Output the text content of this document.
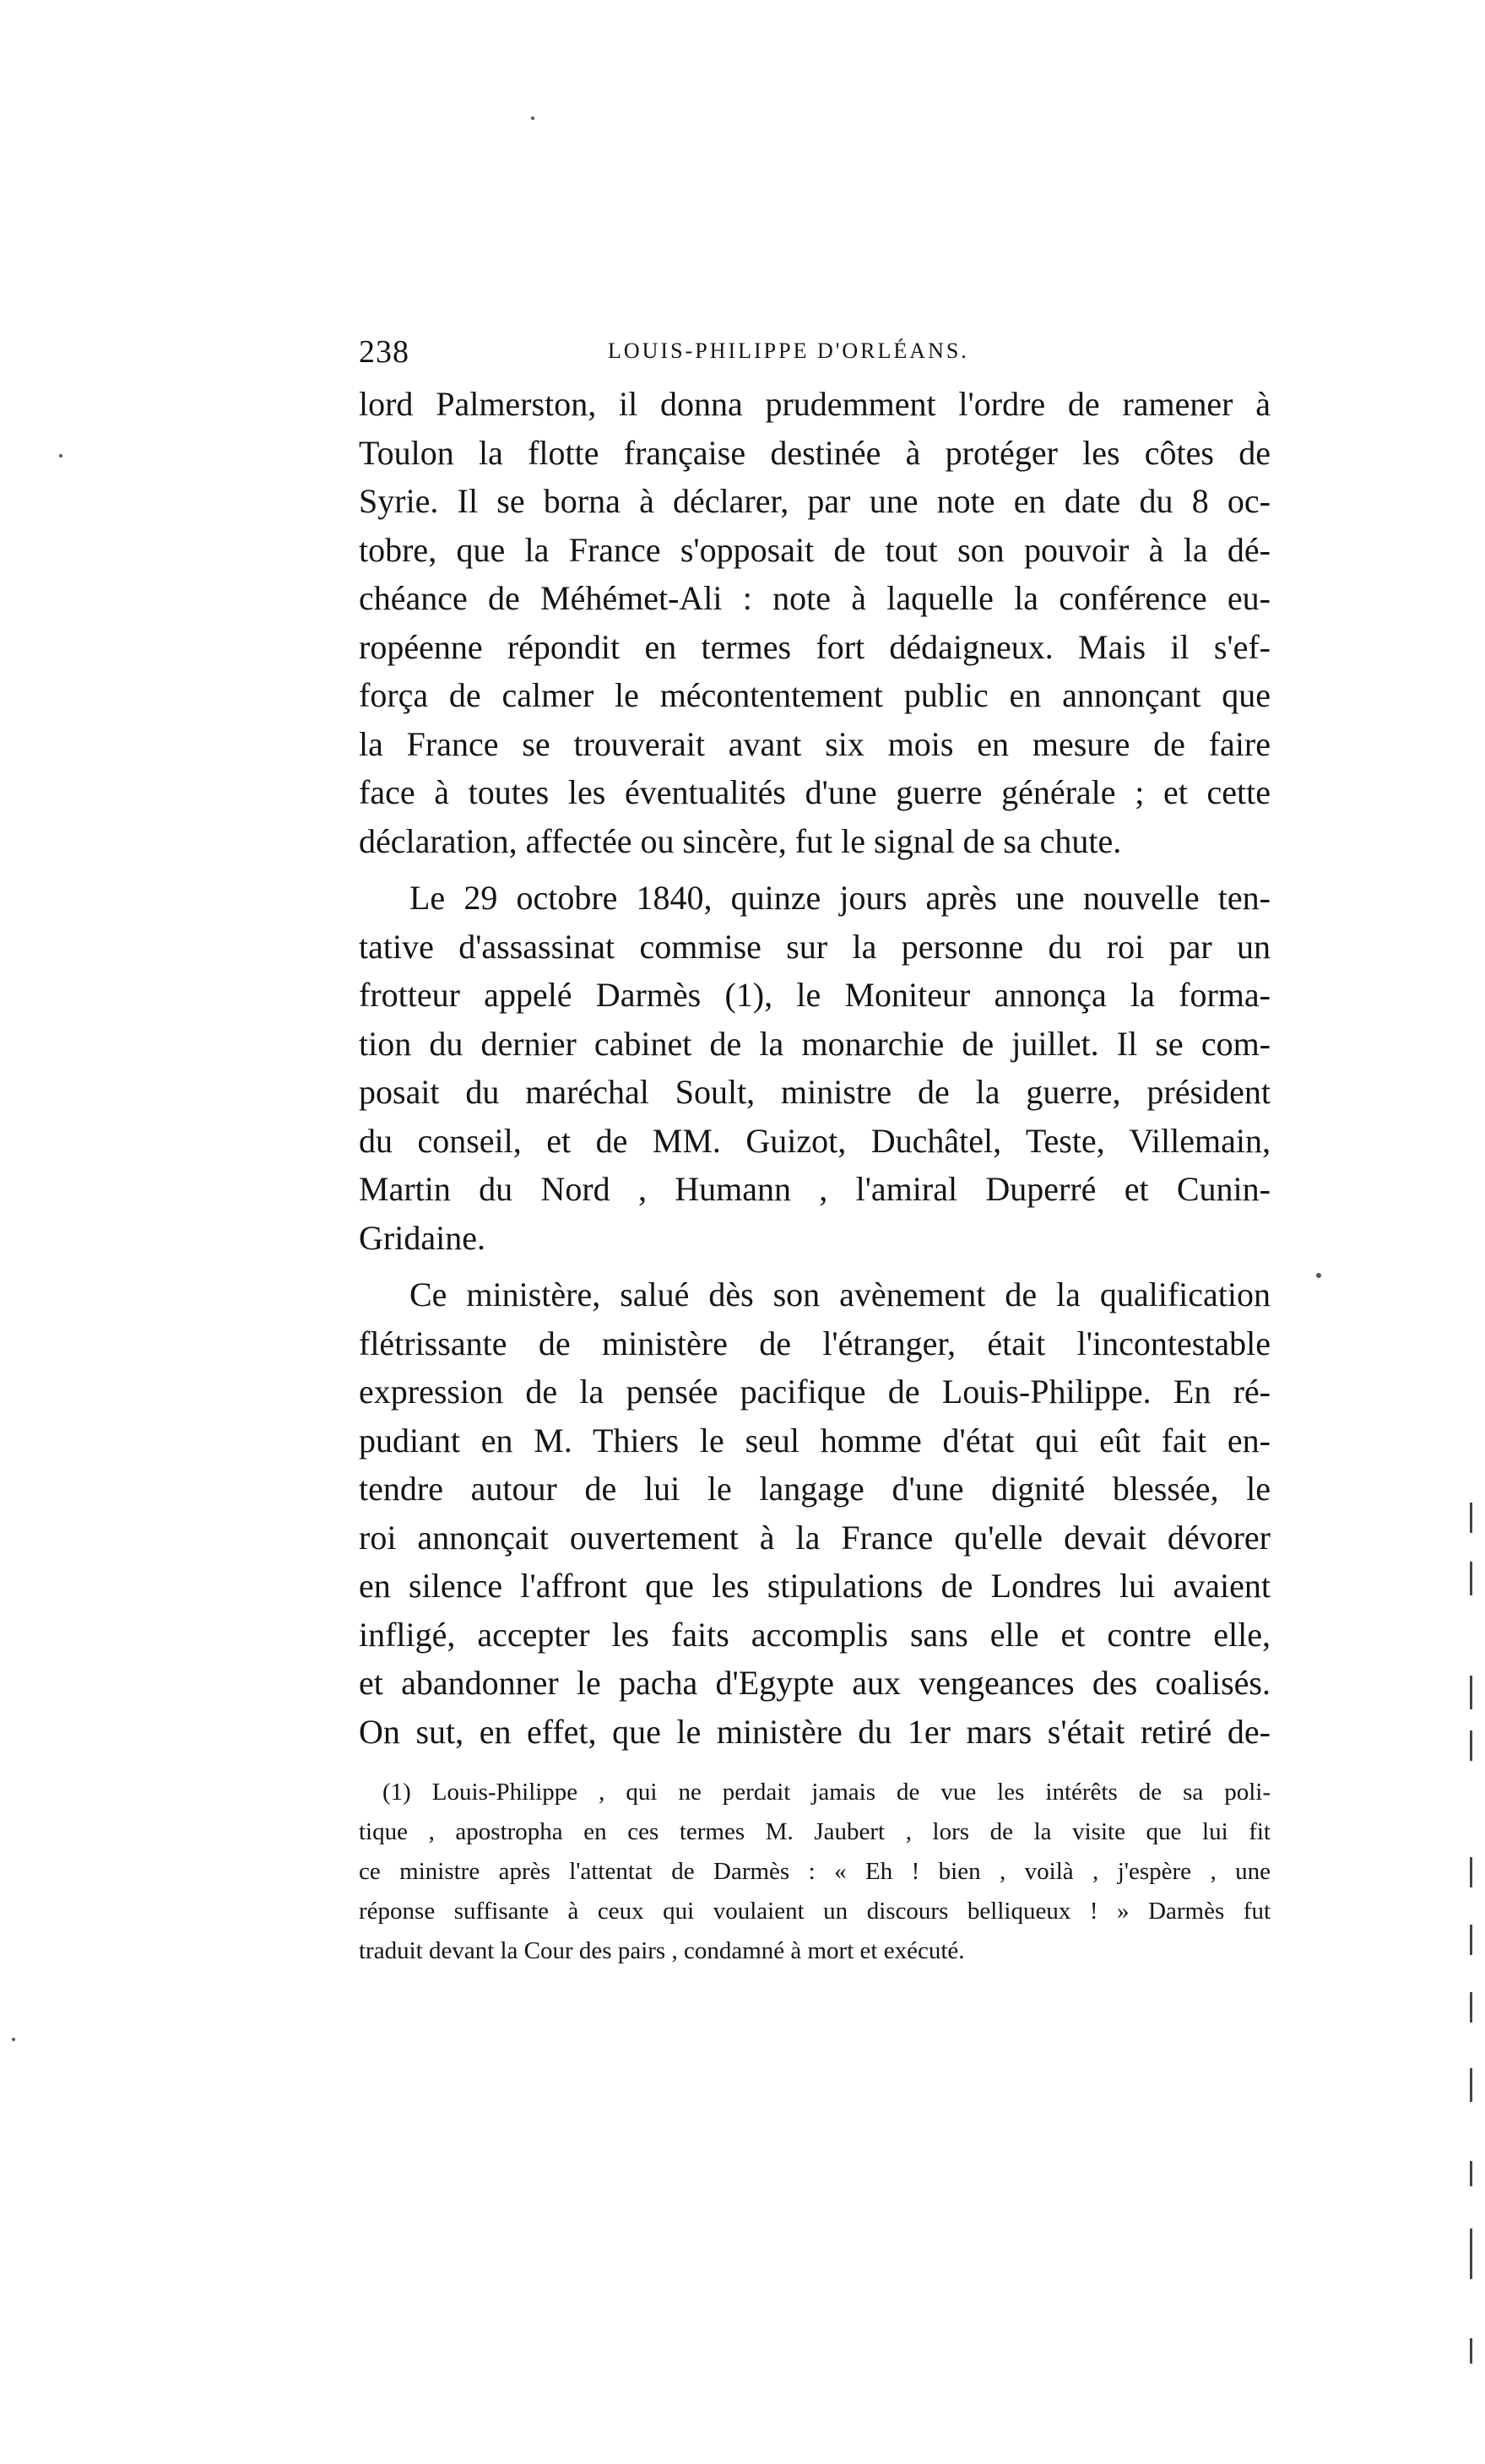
238	LOUIS-PHILIPPE D'ORLÉANS.
lord Palmerston, il donna prudemment l'ordre de ramener à
Toulon la flotte française destinée à protéger les côtes de
Syrie. Il se borna à déclarer, par une note en date du 8 oc-
tobre, que la France s'opposait de tout son pouvoir à la dé-
chéance de Méhémet-Ali : note à laquelle la conférence eu-
ropéenne répondit en termes fort dédaigneux. Mais il s'ef-
força de calmer le mécontentement public en annonçant que
la France se trouverait avant six mois en mesure de faire
face à toutes les éventualités d'une guerre générale ; et cette
déclaration, affectée ou sincère, fut le signal de sa chute.
Le 29 octobre 1840, quinze jours après une nouvelle ten-
tative d'assassinat commise sur la personne du roi par un
frotteur appelé Darmès (1), le Moniteur annonça la forma-
tion du dernier cabinet de la monarchie de juillet. Il se com-
posait du maréchal Soult, ministre de la guerre, président
du conseil, et de MM. Guizot, Duchâtel, Teste, Villemain,
Martin du Nord , Humann , l'amiral Duperré et Cunin-
Gridaine.
Ce ministère, salué dès son avènement de la qualification
flétrissante de ministère de l'étranger, était l'incontestable
expression de la pensée pacifique de Louis-Philippe. En ré-
pudiant en M. Thiers le seul homme d'état qui eût fait en-
tendre autour de lui le langage d'une dignité blessée, le
roi annonçait ouvertement à la France qu'elle devait dévorer
en silence l'affront que les stipulations de Londres lui avaient
infligé, accepter les faits accomplis sans elle et contre elle,
et abandonner le pacha d'Egypte aux vengeances des coalisés.
On sut, en effet, que le ministère du 1er mars s'était retiré de-
(1) Louis-Philippe , qui ne perdait jamais de vue les intérêts de sa poli-
tique , apostropha en ces termes M. Jaubert , lors de la visite que lui fit
ce ministre après l'attentat de Darmès : « Eh ! bien , voilà , j'espère , une
réponse suffisante à ceux qui voulaient un discours belliqueux ! » Darmès fut
traduit devant la Cour des pairs , condamné à mort et exécuté.
